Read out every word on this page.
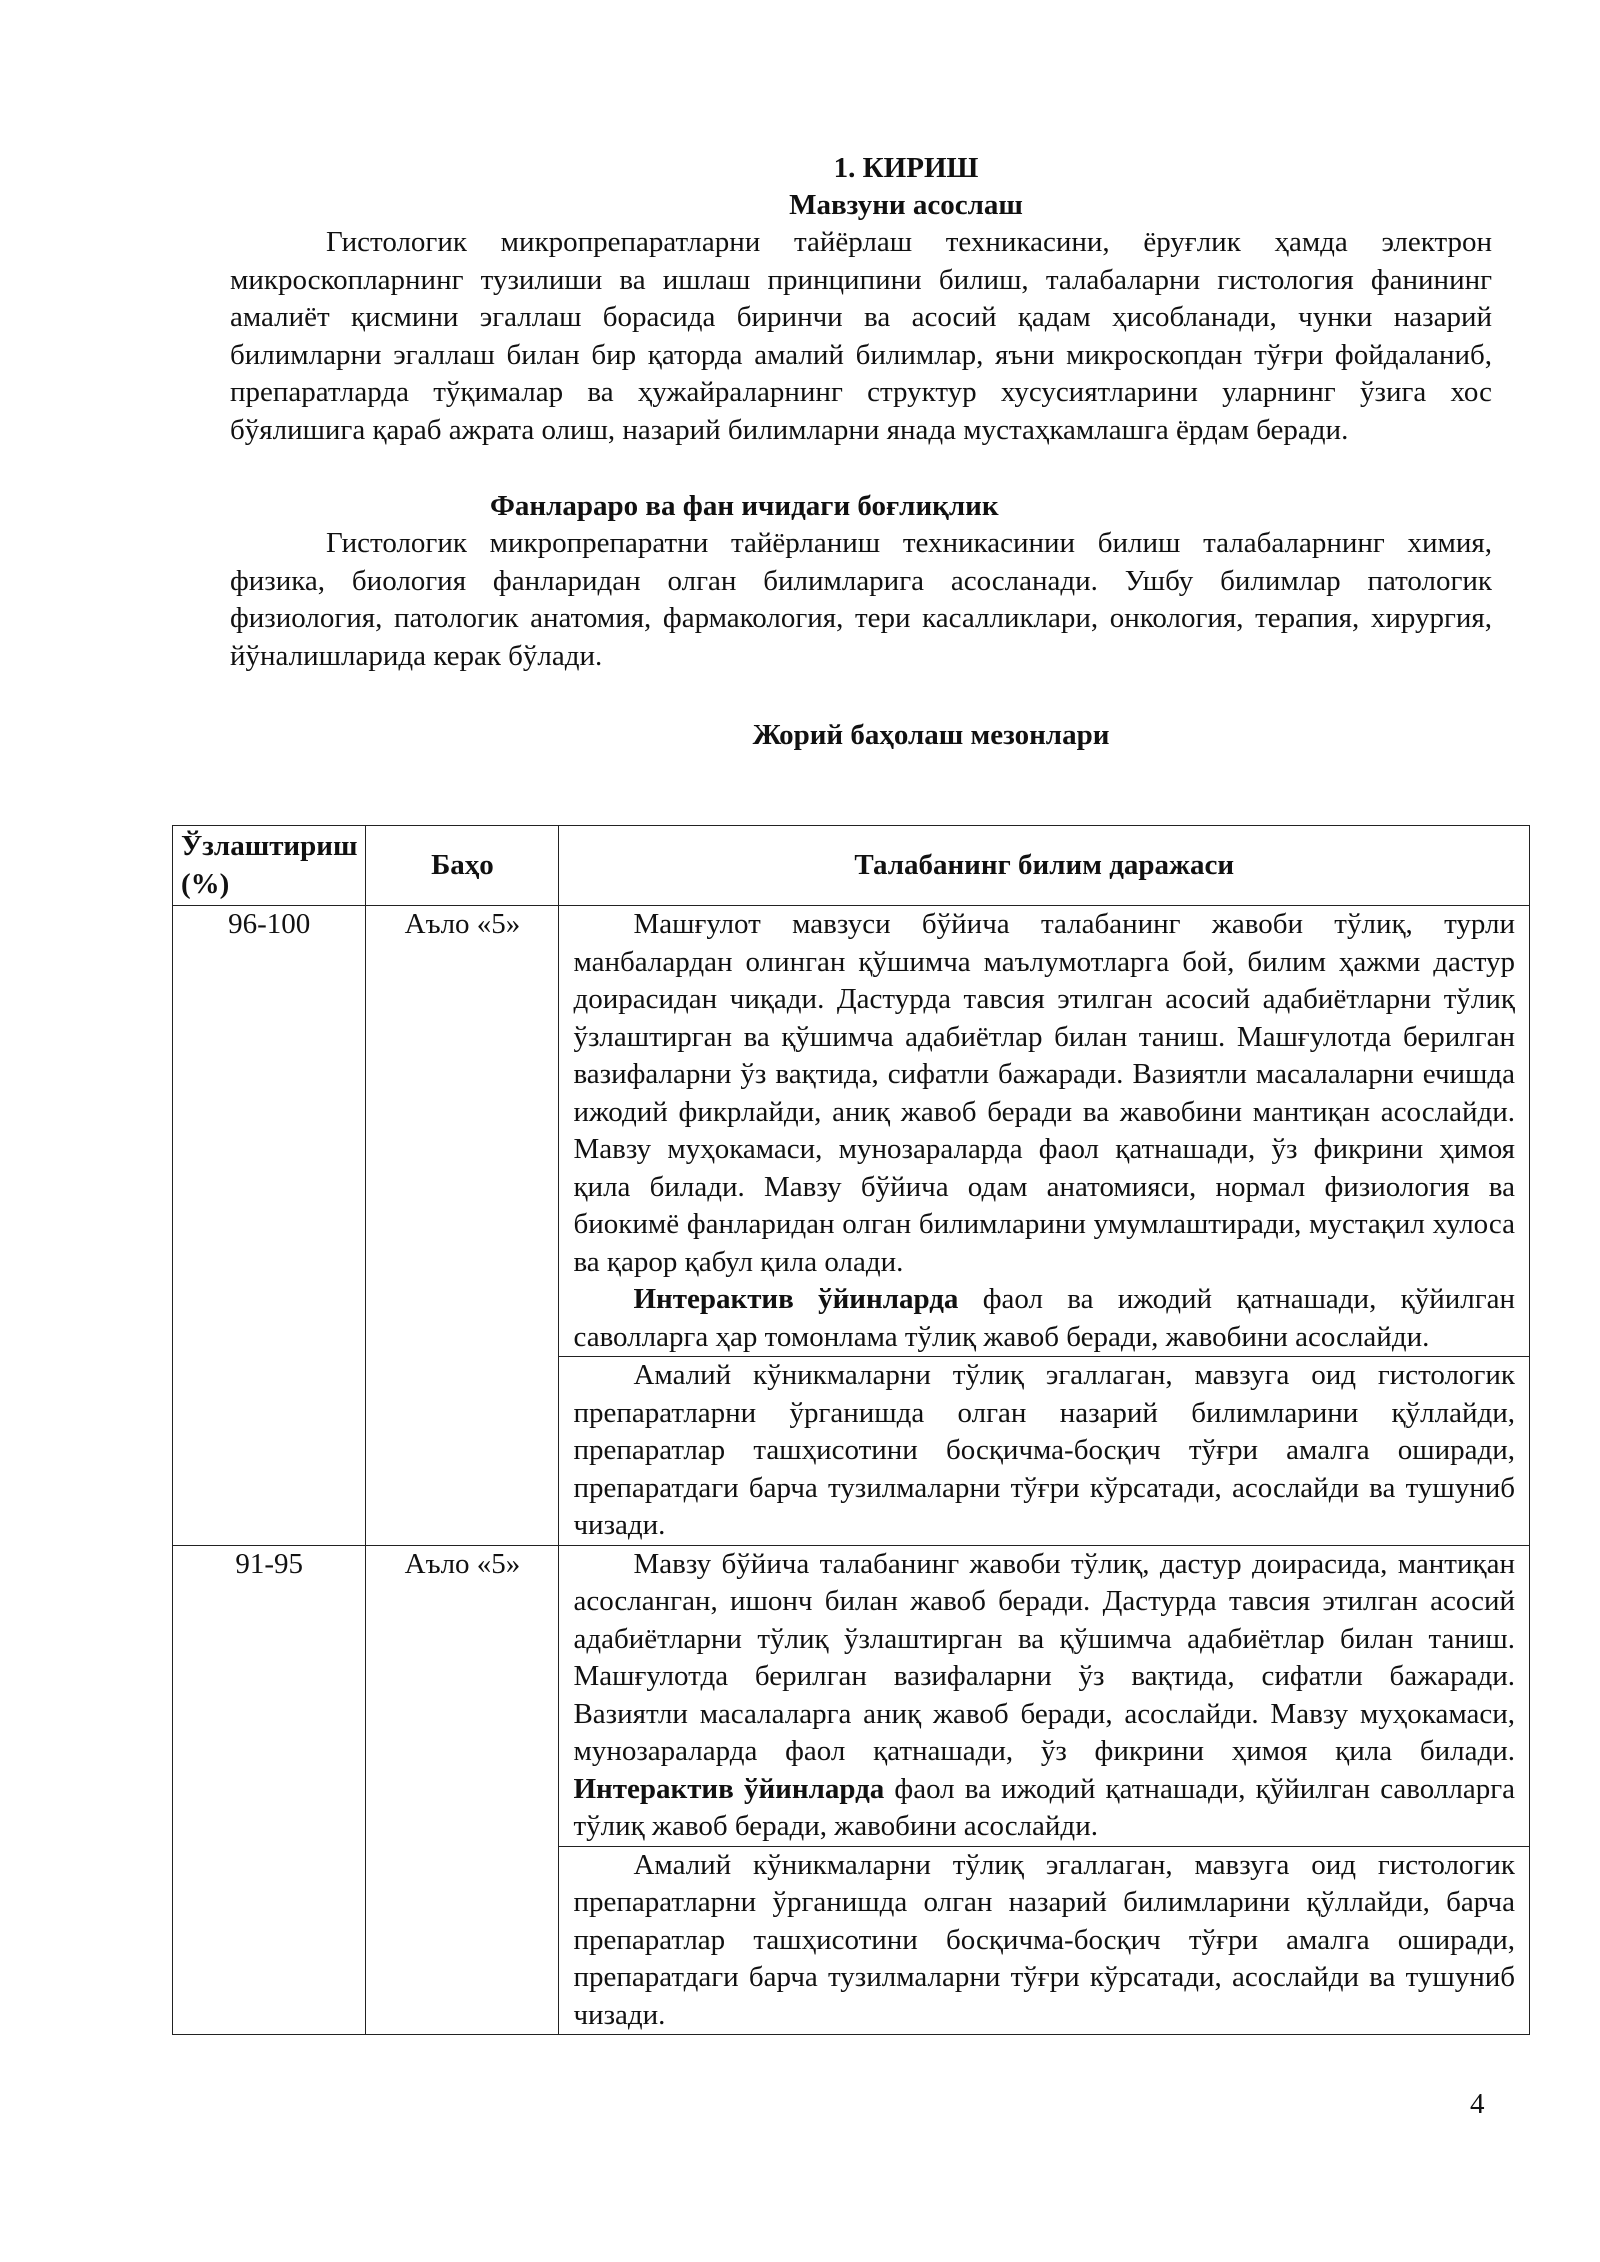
1. КИРИШ
Мавзуни асослаш

Гистологик микропрепаратларни тайёрлаш техникасини, ёруғлик ҳамда электрон микроскопларнинг тузилиши ва ишлаш принципини билиш, талабаларни гистология фанининг амалиёт қисмини эгаллаш борасида биринчи ва асосий қадам ҳисобланади, чунки назарий билимларни эгаллаш билан бир қаторда амалий билимлар, яъни микроскопдан тўғри фойдаланиб, препаратларда тўқималар ва ҳужайраларнинг структур хусусиятларини уларнинг ўзига хос бўялишига қараб ажрата олиш, назарий билимларни янада мустаҳкамлашга ёрдам беради.

Фанлараро ва фан ичидаги боғлиқлик

Гистологик микропрепаратни тайёрланиш техникасинии билиш талабаларнинг химия, физика, биология фанларидан олган билимларига асосланади. Ушбу билимлар патологик физиология, патологик анатомия, фармакология, тери касалликлари, онкология, терапия, хирургия, йўналишларида керак бўлади.

Жорий баҳолаш мезонлари
Ўзлаштириш (%)	Баҳо	Талабанинг билим даражаси
96-100	Аъло «5»	Машғулот мавзуси бўйича талабанинг жавоби тўлиқ, турли манбалардан олинган қўшимча маълумотларга бой, билим ҳажми дастур доирасидан чиқади. Дастурда тавсия этилган асосий адабиётларни тўлиқ ўзлаштирган ва қўшимча адабиётлар билан таниш. Машғулотда берилган вазифаларни ўз вақтида, сифатли бажаради. Вазиятли масалаларни ечишда ижодий фикрлайди, аниқ жавоб беради ва жавобини мантиқан асослайди. Мавзу муҳокамаси, мунозараларда фаол қатнашади, ўз фикрини ҳимоя қила билади. Мавзу бўйича одам анатомияси, нормал физиология ва биокимё фанларидан олган билимларини умумлаштиради, мустақил хулоса ва қарор қабул қила олади.

Интерактив ўйинларда фаол ва ижодий қатнашади, қўйилган саволларга ҳар томонлама тўлиқ жавоб беради, жавобини асослайди.

		Амалий кўникмаларни тўлиқ эгаллаган, мавзуга оид гистологик препаратларни ўрганишда олган назарий билимларини қўллайди, препаратлар ташҳисотини босқичма-босқич тўғри амалга оширади, препаратдаги барча тузилмаларни тўғри кўрсатади, асослайди ва тушуниб чизади.

91-95	Аъло «5»	Мавзу бўйича талабанинг жавоби тўлиқ, дастур доирасида, мантиқан асосланган, ишонч билан жавоб беради. Дастурда тавсия этилган асосий адабиётларни тўлиқ ўзлаштирган ва қўшимча адабиётлар билан таниш. Машғулотда берилган вазифаларни ўз вақтида, сифатли бажаради. Вазиятли масалаларга аниқ жавоб беради, асослайди. Мавзу муҳокамаси, мунозараларда фаол қатнашади, ўз фикрини ҳимоя қила билади. Интерактив ўйинларда фаол ва ижодий қатнашади, қўйилган саволларга тўлиқ жавоб беради, жавобини асослайди.

		Амалий кўникмаларни тўлиқ эгаллаган, мавзуга оид гистологик препаратларни ўрганишда олган назарий билимларини қўллайди, барча препаратлар ташҳисотини босқичма-босқич тўғри амалга оширади, препаратдаги барча тузилмаларни тўғри кўрсатади, асослайди ва тушуниб чизади.

4
